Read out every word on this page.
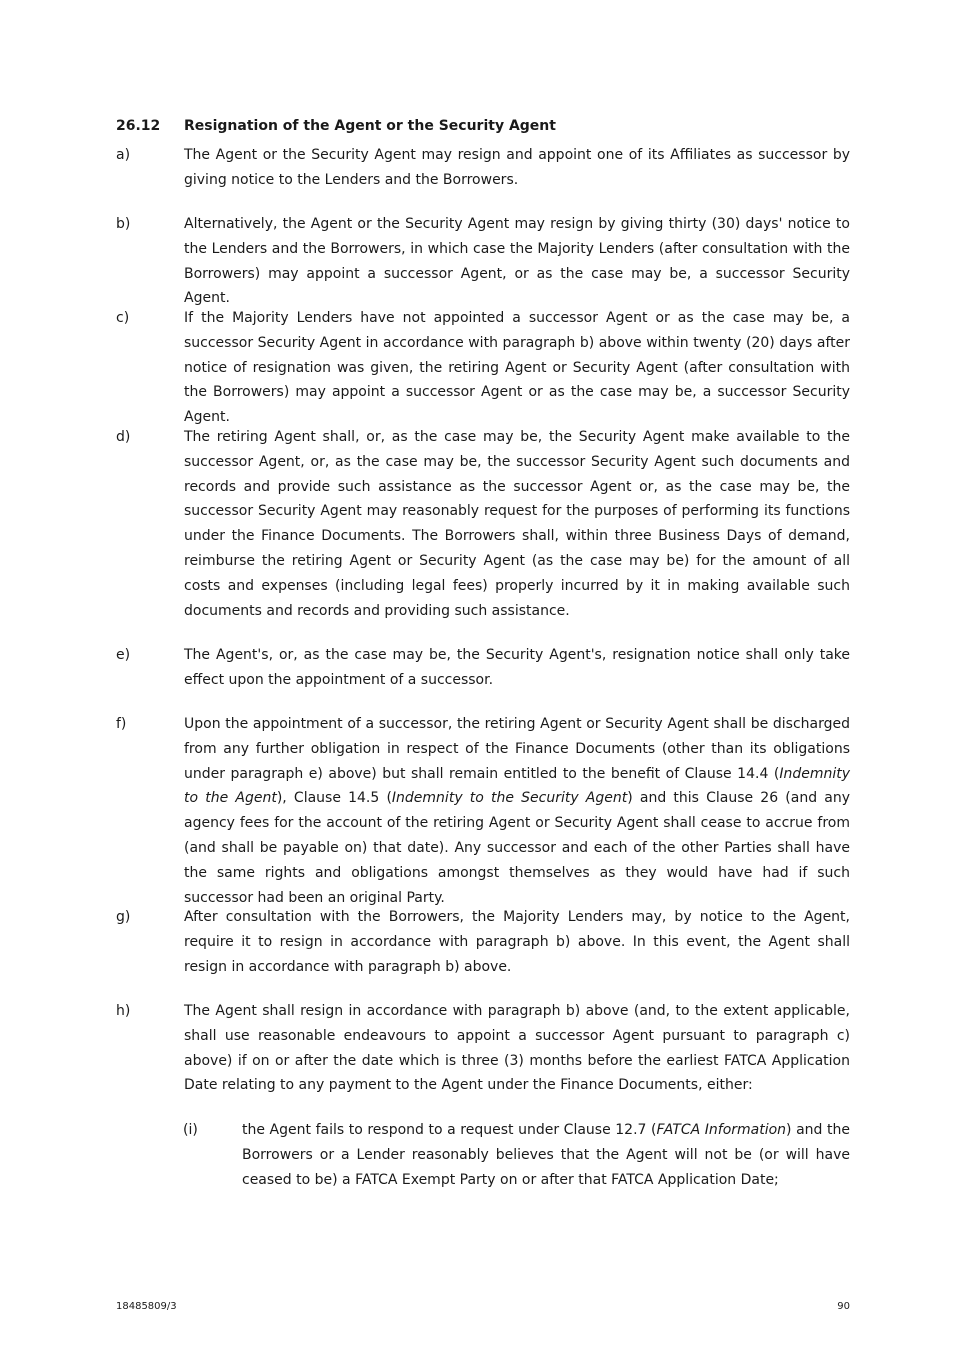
26.12 Resignation of the Agent or the Security Agent
a)	The Agent or the Security Agent may resign and appoint one of its Affiliates as successor by giving notice to the Lenders and the Borrowers.
b)	Alternatively, the Agent or the Security Agent may resign by giving thirty (30) days' notice to the Lenders and the Borrowers, in which case the Majority Lenders (after consultation with the Borrowers) may appoint a successor Agent, or as the case may be, a successor Security Agent.
c)	If the Majority Lenders have not appointed a successor Agent or as the case may be, a successor Security Agent in accordance with paragraph b) above within twenty (20) days after notice of resignation was given, the retiring Agent or Security Agent (after consultation with the Borrowers) may appoint a successor Agent or as the case may be, a successor Security Agent.
d)	The retiring Agent shall, or, as the case may be, the Security Agent make available to the successor Agent, or, as the case may be, the successor Security Agent such documents and records and provide such assistance as the successor Agent or, as the case may be, the successor Security Agent may reasonably request for the purposes of performing its functions under the Finance Documents. The Borrowers shall, within three Business Days of demand, reimburse the retiring Agent or Security Agent (as the case may be) for the amount of all costs and expenses (including legal fees) properly incurred by it in making available such documents and records and providing such assistance.
e)	The Agent's, or, as the case may be, the Security Agent's, resignation notice shall only take effect upon the appointment of a successor.
f)	Upon the appointment of a successor, the retiring Agent or Security Agent shall be discharged from any further obligation in respect of the Finance Documents (other than its obligations under paragraph e) above) but shall remain entitled to the benefit of Clause 14.4 (Indemnity to the Agent), Clause 14.5 (Indemnity to the Security Agent) and this Clause 26 (and any agency fees for the account of the retiring Agent or Security Agent shall cease to accrue from (and shall be payable on) that date). Any successor and each of the other Parties shall have the same rights and obligations amongst themselves as they would have had if such successor had been an original Party.
g)	After consultation with the Borrowers, the Majority Lenders may, by notice to the Agent, require it to resign in accordance with paragraph b) above. In this event, the Agent shall resign in accordance with paragraph b) above.
h)	The Agent shall resign in accordance with paragraph b) above (and, to the extent applicable, shall use reasonable endeavours to appoint a successor Agent pursuant to paragraph c) above) if on or after the date which is three (3) months before the earliest FATCA Application Date relating to any payment to the Agent under the Finance Documents, either:
(i)	the Agent fails to respond to a request under Clause 12.7 (FATCA Information) and the Borrowers or a Lender reasonably believes that the Agent will not be (or will have ceased to be) a FATCA Exempt Party on or after that FATCA Application Date;
18485809/3	90
